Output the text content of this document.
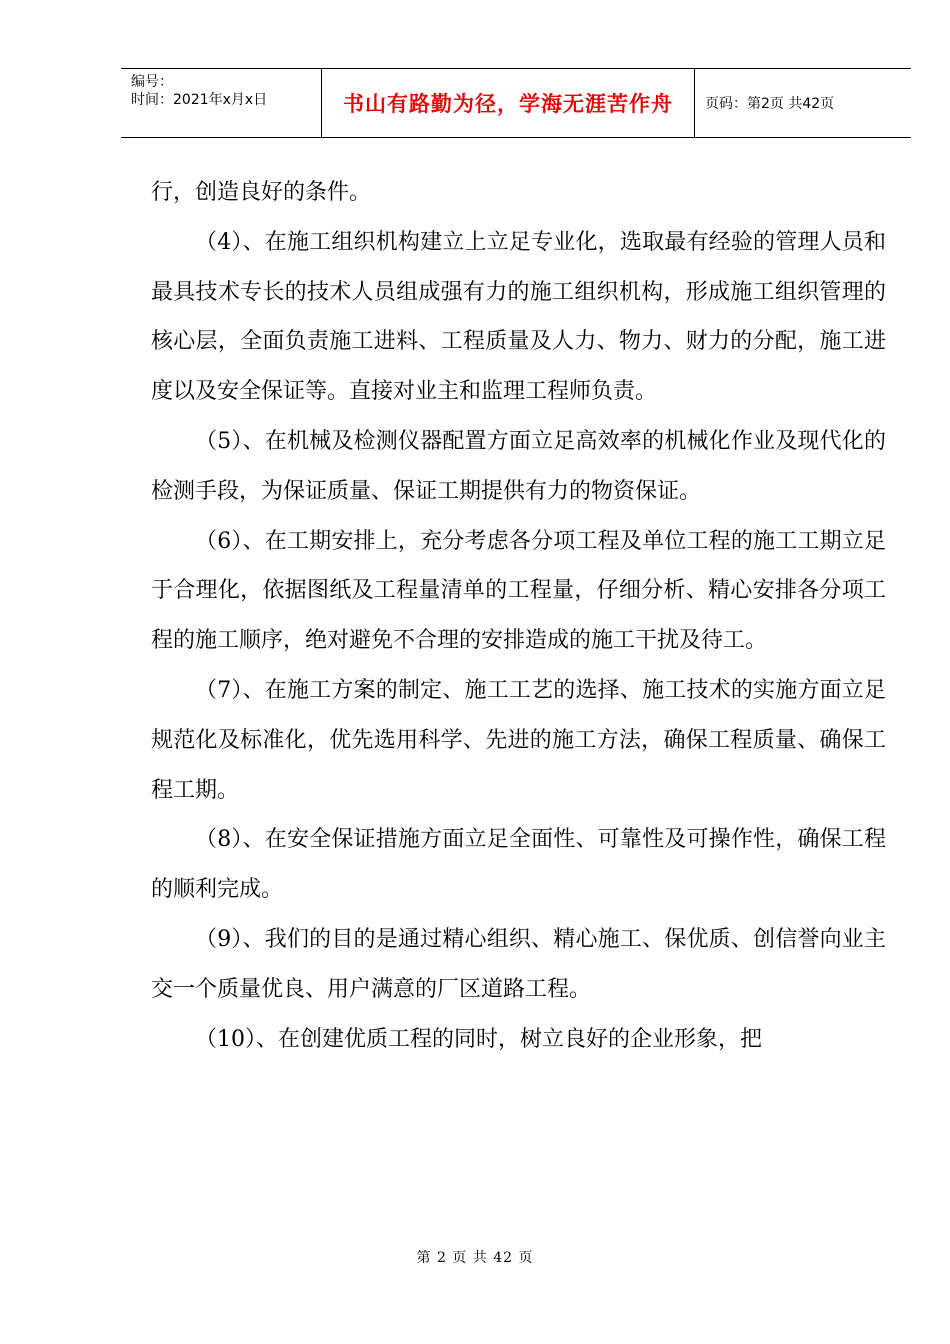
编号：
时间：2021年x月x日	书山有路勤为径，学海无涯苦作舟 页码：第2页 共42页

行，创造良好的条件。

（4）、在施工组织机构建立上立足专业化，选取最有经验的管理人员和最具技术专长的技术人员组成强有力的施工组织机构，形成施工组织管理的核心层，全面负责施工进料、工程质量及人力、物力、财力的分配，施工进度以及安全保证等。直接对业主和监理工程师负责。

（5）、在机械及检测仪器配置方面立足高效率的机械化作业及现代化的检测手段，为保证质量、保证工期提供有力的物资保证。

（6）、在工期安排上，充分考虑各分项工程及单位工程的施工工期立足于合理化，依据图纸及工程量清单的工程量，仔细分析、精心安排各分项工程的施工顺序，绝对避免不合理的安排造成的施工干扰及待工。

（7）、在施工方案的制定、施工工艺的选择、施工技术的实施方面立足规范化及标准化，优先选用科学、先进的施工方法，确保工程质量、确保工程工期。

（8）、在安全保证措施方面立足全面性、可靠性及可操作性，确保工程的顺利完成。

（9）、我们的目的是通过精心组织、精心施工、保优质、创信誉向业主交一个质量优良、用户满意的厂区道路工程。

（10）、在创建优质工程的同时，树立良好的企业形象，把

第 2 页 共 42 页
